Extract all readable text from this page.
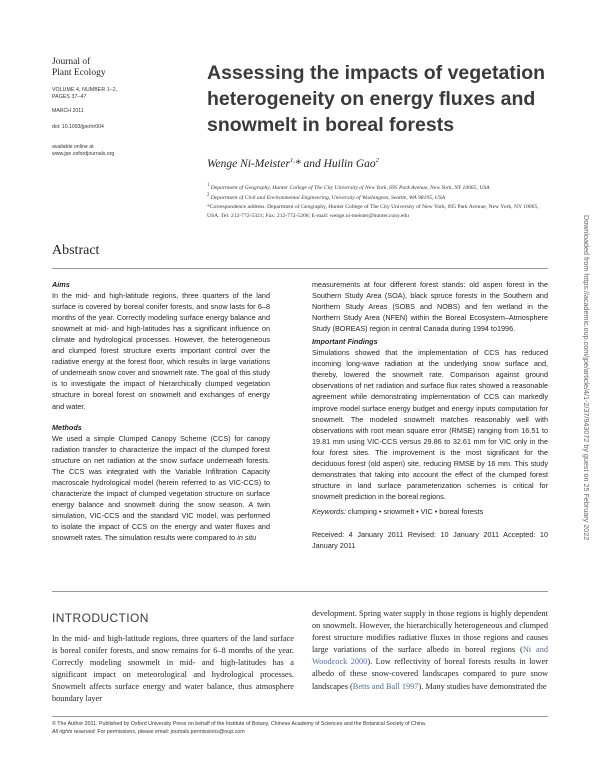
Journal of
Plant Ecology
VOLUME 4, NUMBER 1–2,
PAGES 37–47
MARCH 2011
doi: 10.1093/jpe/rtr004
available online at
www.jpe.oxfordjournals.org
Assessing the impacts of vegetation heterogeneity on energy fluxes and snowmelt in boreal forests
Wenge Ni-Meister$^{1,}$* and Huilin Gao$^2$
$^1$ Department of Geography, Hunter College of The City University of New York, 695 Park Avenue, New York, NY 10065, USA
$^2$ Department of Civil and Environmental Engineering, University of Washington, Seattle, WA 98195, USA
*Correspondence address. Department of Geography, Hunter College of The City University of New York, 695 Park Avenue, New York, NY 10065, USA. Tel: 212-772-5321; Fax: 212-772-5268; E-mail: wenge.ni-meister@hunter.cuny.edu
Abstract
Aims
In the mid- and high-latitude regions, three quarters of the land surface is covered by boreal conifer forests, and snow lasts for 6–8 months of the year. Correctly modeling surface energy balance and snowmelt at mid- and high-latitudes has a significant influence on climate and hydrological processes. However, the heterogeneous and clumped forest structure exerts important control over the radiative energy at the forest floor, which results in large variations of underneath snow cover and snowmelt rate. The goal of this study is to investigate the impact of hierarchically clumped vegetation structure in boreal forest on snowmelt and exchanges of energy and water.
Methods
We used a simple Clumped Canopy Scheme (CCS) for canopy radiation transfer to characterize the impact of the clumped forest structure on net radiation at the snow surface underneath forests. The CCS was integrated with the Variable Infiltration Capacity macroscale hydrological model (herein referred to as VIC-CCS) to characterize the impact of clumped vegetation structure on surface energy balance and snowmelt during the snow season. A twin simulation, VIC-CCS and the standard VIC model, was performed to isolate the impact of CCS on the energy and water fluxes and snowmelt rates. The simulation results were compared to in situ
measurements at four different forest stands: old aspen forest in the Southern Study Area (SOA), black spruce forests in the Southern and Northern Study Areas (SOBS and NOBS) and fen wetland in the Northern Study Area (NFEN) within the Boreal Ecosystem–Atmosphere Study (BOREAS) region in central Canada during 1994 to1996.
Important Findings
Simulations showed that the implementation of CCS has reduced incoming long-wave radiation at the underlying snow surface and, thereby, lowered the snowmelt rate. Comparison against ground observations of net radiation and surface flux rates showed a reasonable agreement while demonstrating implementation of CCS can markedly improve model surface energy budget and energy inputs computation for snowmelt. The modeled snowmelt matches reasonably well with observations with root mean square error (RMSE) ranging from 16.51 to 19.81 mm using VIC-CCS versus 29.86 to 32.61 mm for VIC only in the four forest sites. The improvement is the most significant for the deciduous forest (old aspen) site, reducing RMSE by 16 mm. This study demonstrates that taking into account the effect of the clumped forest structure in land surface parameterization schemes is critical for snowmelt prediction in the boreal regions.
Keywords: clumping • snowmelt • VIC • boreal forests
Received: 4 January 2011 Revised: 10 January 2011 Accepted: 10 January 2011
INTRODUCTION
In the mid- and high-latitude regions, three quarters of the land surface is boreal conifer forests, and snow remains for 6–8 months of the year. Correctly modeling snowmelt in mid- and high-latitudes has a significant impact on meteorological and hydrological processes. Snowmelt affects surface energy and water balance, thus atmosphere boundary layer
development. Spring water supply in those regions is highly dependent on snowmelt. However, the hierarchically heterogeneous and clumped forest structure modifies radiative fluxes in those regions and causes large variations of the surface albedo in boreal regions (Ni and Woodcock 2000). Low reflectivity of boreal forests results in lower albedo of these snow-covered landscapes compared to pure snow landscapes (Betts and Ball 1997). Many studies have demonstrated the
© The Author 2011. Published by Oxford University Press on behalf of the Institute of Botany, Chinese Academy of Sciences and the Botanical Society of China.
All rights reserved. For permissions, please email: journals.permissions@oup.com
Downloaded from https://academic.oup.com/jpe/article/4/1-2/37/943072 by guest on 25 February 2022
